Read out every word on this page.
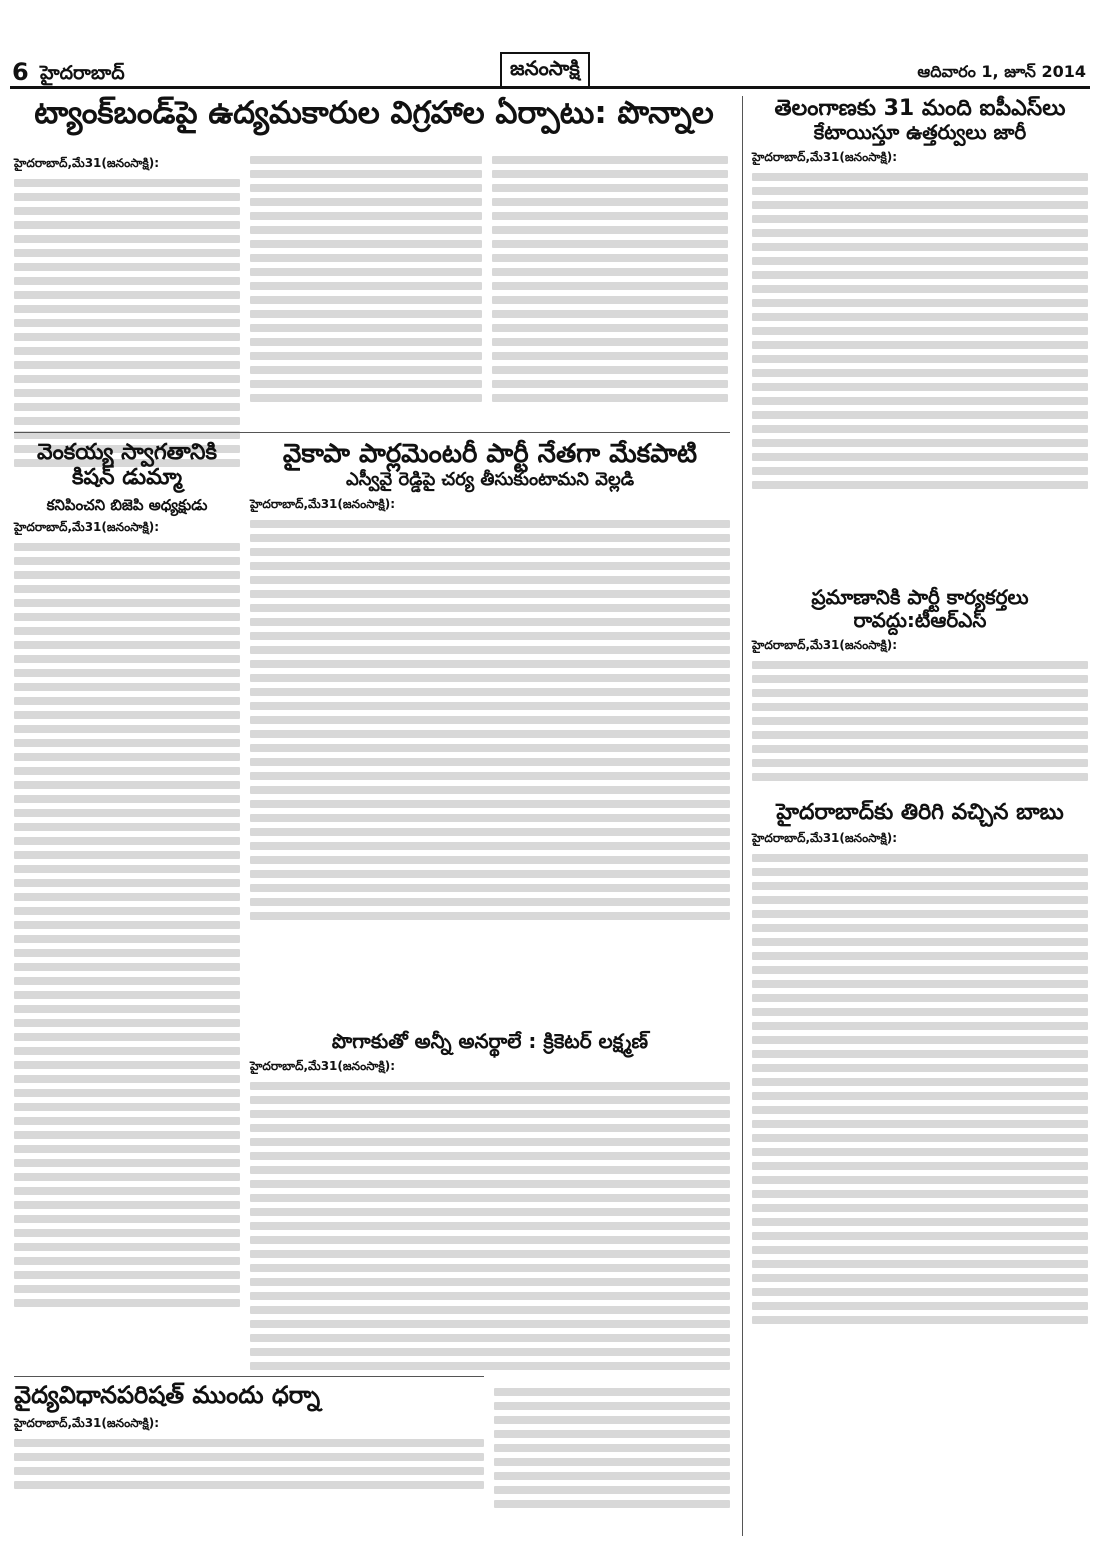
6 హైదరాబాద్	జనంసాక్షి	ఆదివారం 1, జూన్ 2014
ట్యాంక్‌బండ్‌పై ఉద్యమకారుల విగ్రహాల ఏర్పాటు: పొన్నాల
హైదరాబాద్,మే31(జనంసాక్షి):
తెలంగాణకు 31 మంది ఐపీఎస్‌లు
కేటాయిస్తూ ఉత్తర్వులు జారీ
హైదరాబాద్,మే31(జనంసాక్షి):
ప్రమాణానికి పార్టీ కార్యకర్తలు రావద్దు:టీఆర్‌ఎస్
హైదరాబాద్,మే31(జనంసాక్షి):
హైదరాబాద్‌కు తిరిగి వచ్చిన బాబు
హైదరాబాద్,మే31(జనంసాక్షి):
వెంకయ్య స్వాగతానికి కిషన్ డుమ్మా
కనిపించని బిజెపి అధ్యక్షుడు
హైదరాబాద్,మే31(జనంసాక్షి):
వైకాపా పార్లమెంటరీ పార్టీ నేతగా మేకపాటి
ఎస్వీవై రెడ్డిపై చర్య తీసుకుంటామని వెల్లడి
హైదరాబాద్,మే31(జనంసాక్షి):
పొగాకుతో అన్నీ అనర్థాలే : క్రికెటర్ లక్ష్మణ్
హైదరాబాద్,మే31(జనంసాక్షి):
వైద్యవిధానపరిషత్ ముందు ధర్నా
హైదరాబాద్,మే31(జనంసాక్షి):
